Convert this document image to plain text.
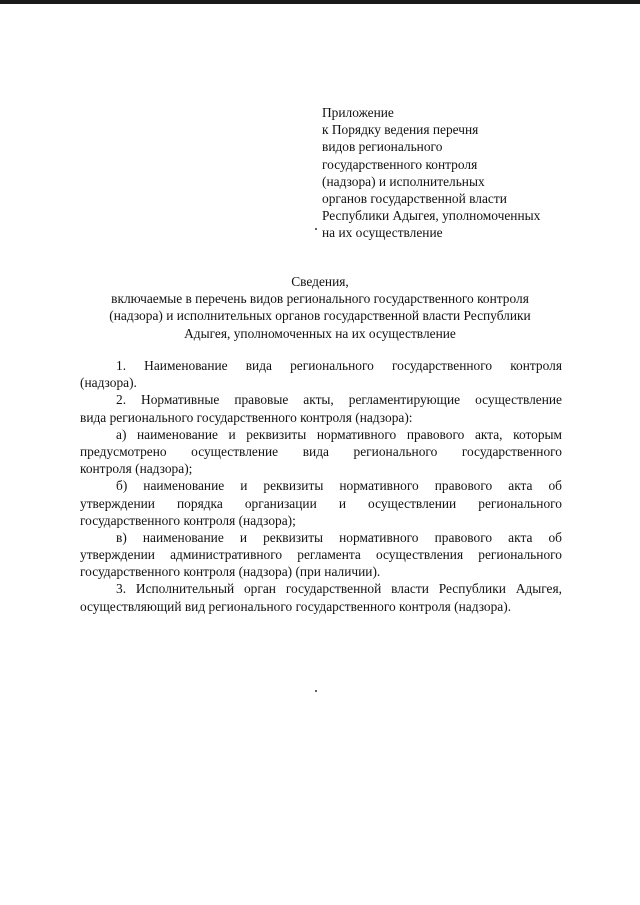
Приложение
к Порядку ведения перечня
видов регионального
государственного контроля
(надзора) и исполнительных
органов государственной власти
Республики Адыгея, уполномоченных
на их осуществление
Сведения,
включаемые в перечень видов регионального государственного контроля
(надзора) и исполнительных органов государственной власти Республики
Адыгея, уполномоченных на их осуществление
1. Наименование вида регионального государственного контроля
(надзора).
2. Нормативные правовые акты, регламентирующие осуществление
вида регионального государственного контроля (надзора):
а) наименование и реквизиты нормативного правового акта, которым
предусмотрено осуществление вида регионального государственного
контроля (надзора);
б) наименование и реквизиты нормативного правового акта об
утверждении порядка организации и осуществлении регионального
государственного контроля (надзора);
в) наименование и реквизиты нормативного правового акта об
утверждении административного регламента осуществления регионального
государственного контроля (надзора) (при наличии).
3. Исполнительный орган государственной власти Республики Адыгея,
осуществляющий вид регионального государственного контроля (надзора).
